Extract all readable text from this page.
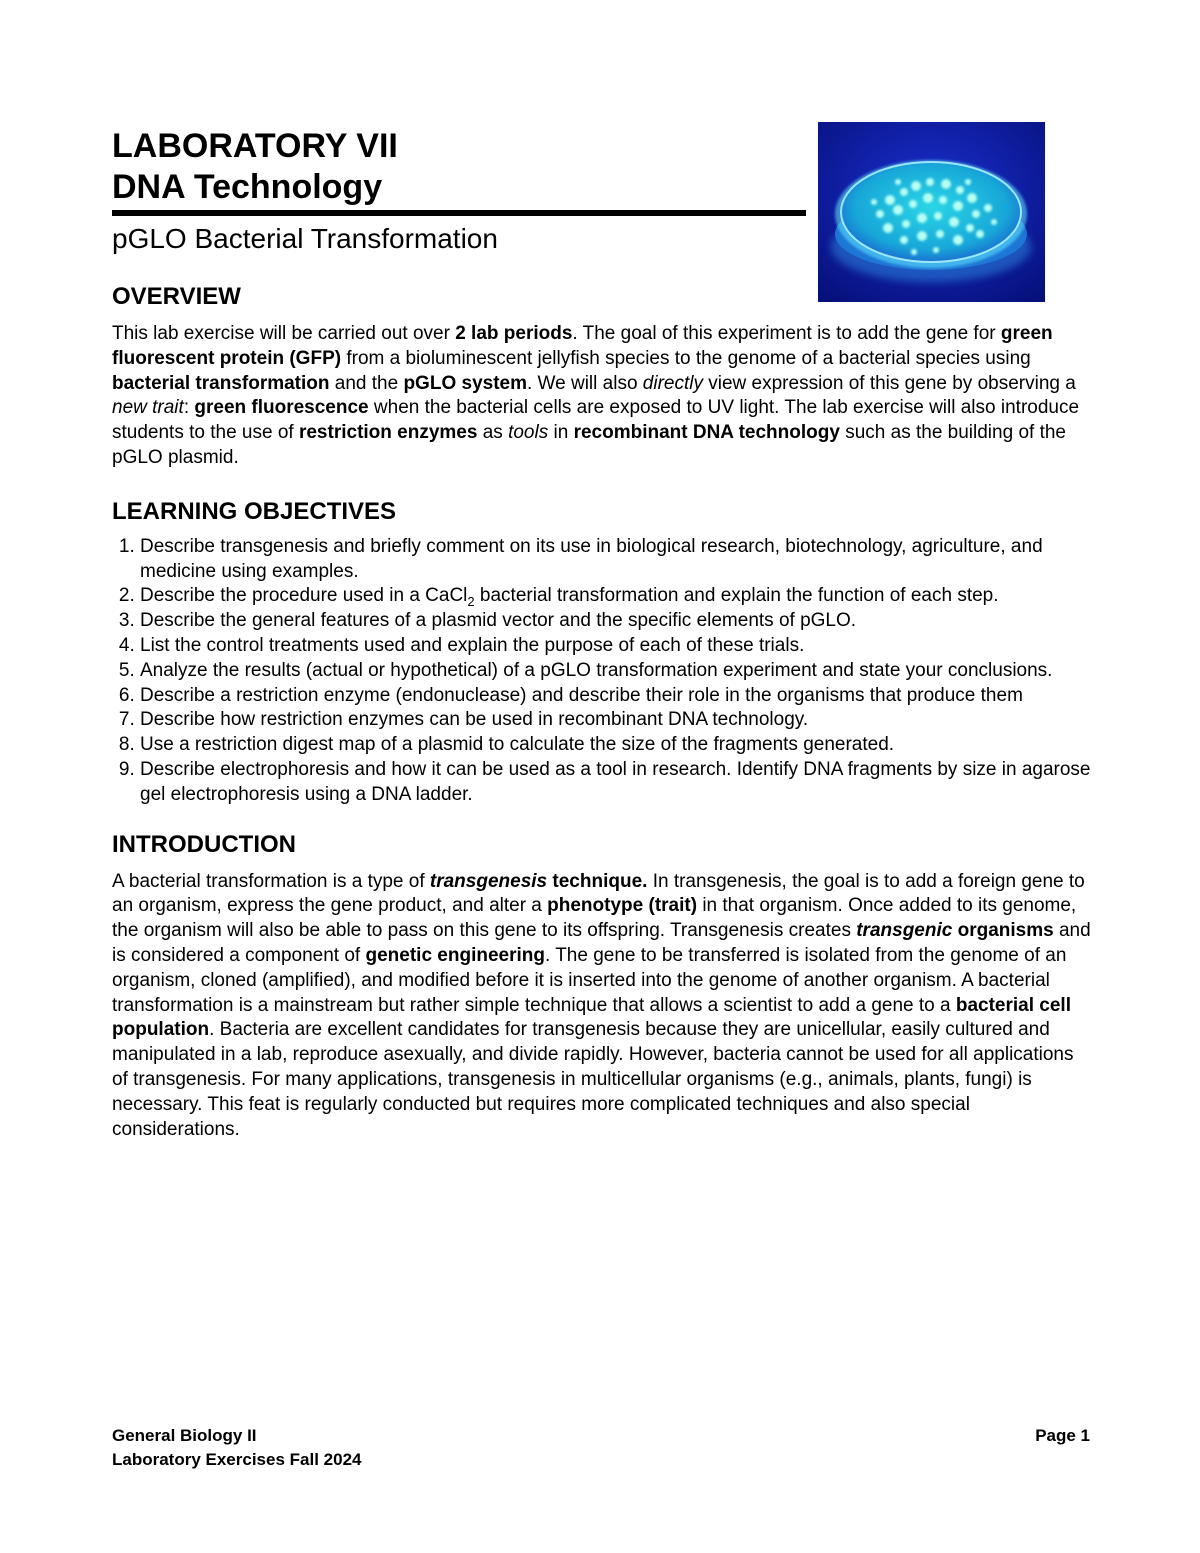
LABORATORY VII
DNA Technology
pGLO Bacterial Transformation
OVERVIEW

This lab exercise will be carried out over 2 lab periods. The goal of this experiment is to add the gene for green fluorescent protein (GFP) from a bioluminescent jellyfish species to the genome of a bacterial species using bacterial transformation and the pGLO system. We will also directly view expression of this gene by observing a new trait: green fluorescence when the bacterial cells are exposed to UV light. The lab exercise will also introduce students to the use of restriction enzymes as tools in recombinant DNA technology such as the building of the pGLO plasmid.

LEARNING OBJECTIVES
1. Describe transgenesis and briefly comment on its use in biological research, biotechnology, agriculture, and medicine using examples.
2. Describe the procedure used in a CaCl$_2$ bacterial transformation and explain the function of each step.
3. Describe the general features of a plasmid vector and the specific elements of pGLO.
4. List the control treatments used and explain the purpose of each of these trials.
5. Analyze the results (actual or hypothetical) of a pGLO transformation experiment and state your conclusions.
6. Describe a restriction enzyme (endonuclease) and describe their role in the organisms that produce them
7. Describe how restriction enzymes can be used in recombinant DNA technology.
8. Use a restriction digest map of a plasmid to calculate the size of the fragments generated.
9. Describe electrophoresis and how it can be used as a tool in research. Identify DNA fragments by size in agarose gel electrophoresis using a DNA ladder.
INTRODUCTION

A bacterial transformation is a type of transgenesis technique. In transgenesis, the goal is to add a foreign gene to an organism, express the gene product, and alter a phenotype (trait) in that organism. Once added to its genome, the organism will also be able to pass on this gene to its offspring. Transgenesis creates transgenic organisms and is considered a component of genetic engineering. The gene to be transferred is isolated from the genome of an organism, cloned (amplified), and modified before it is inserted into the genome of another organism. A bacterial transformation is a mainstream but rather simple technique that allows a scientist to add a gene to a bacterial cell population. Bacteria are excellent candidates for transgenesis because they are unicellular, easily cultured and manipulated in a lab, reproduce asexually, and divide rapidly. However, bacteria cannot be used for all applications of transgenesis. For many applications, transgenesis in multicellular organisms (e.g., animals, plants, fungi) is necessary. This feat is regularly conducted but requires more complicated techniques and also special considerations.

General Biology II	Page 1
Laboratory Exercises Fall 2024
